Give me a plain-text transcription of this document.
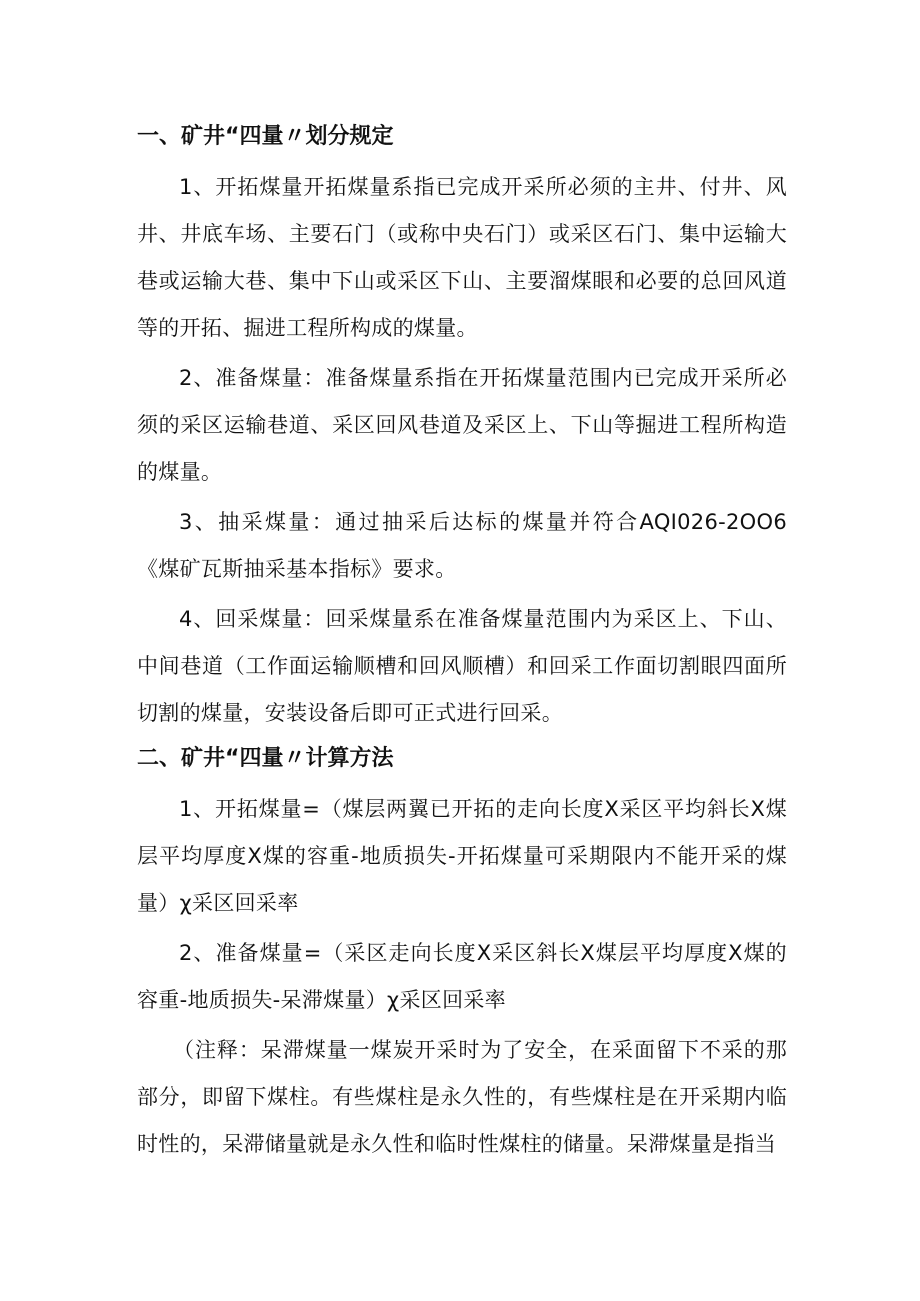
一、矿井“四量〃划分规定

1、开拓煤量开拓煤量系指已完成开采所必须的主井、付井、风井、井底车场、主要石门（或称中央石门）或采区石门、集中运输大巷或运输大巷、集中下山或采区下山、主要溜煤眼和必要的总回风道等的开拓、掘进工程所构成的煤量。

2、准备煤量：准备煤量系指在开拓煤量范围内已完成开采所必须的采区运输巷道、采区回风巷道及采区上、下山等掘进工程所构造的煤量。

3、抽采煤量：通过抽采后达标的煤量并符合AQI026-2OO6《煤矿瓦斯抽采基本指标》要求。

4、回采煤量：回采煤量系在准备煤量范围内为采区上、下山、中间巷道（工作面运输顺槽和回风顺槽）和回采工作面切割眼四面所切割的煤量，安装设备后即可正式进行回采。

二、矿井“四量〃计算方法

1、开拓煤量=（煤层两翼已开拓的走向长度X采区平均斜长X煤层平均厚度X煤的容重-地质损失-开拓煤量可采期限内不能开采的煤量）χ采区回采率

2、准备煤量=（采区走向长度X采区斜长X煤层平均厚度X煤的容重-地质损失-呆滞煤量）χ采区回采率

（注释：呆滞煤量一煤炭开采时为了安全，在采面留下不采的那部分，即留下煤柱。有些煤柱是永久性的，有些煤柱是在开采期内临时性的，呆滞储量就是永久性和临时性煤柱的储量。呆滞煤量是指当
